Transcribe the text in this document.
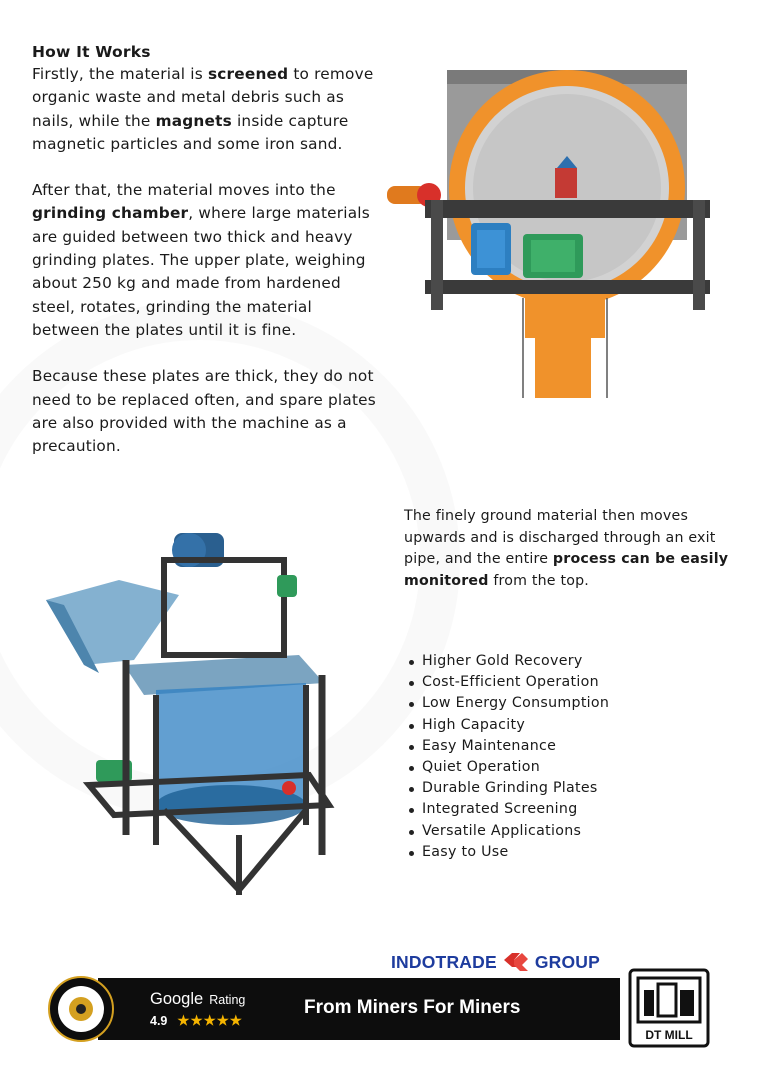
How It Works

Firstly, the material is screened to remove organic waste and metal debris such as nails, while the magnets inside capture magnetic particles and some iron sand.

After that, the material moves into the grinding chamber, where large materials are guided between two thick and heavy grinding plates. The upper plate, weighing about 250 kg and made from hardened steel, rotates, grinding the material between the plates until it is fine.

Because these plates are thick, they do not need to be replaced often, and spare plates are also provided with the machine as a precaution.

The finely ground material then moves upwards and is discharged through an exit pipe, and the entire process can be easily monitored from the top.
Higher Gold Recovery
Cost-Efficient Operation
Low Energy Consumption
High Capacity
Easy Maintenance
Quiet Operation
Durable Grinding Plates
Integrated Screening
Versatile Applications
Easy to Use
INDOTRADE GROUP
Google Rating
4.9 ★★★★★
From Miners For Miners
DT MILL
